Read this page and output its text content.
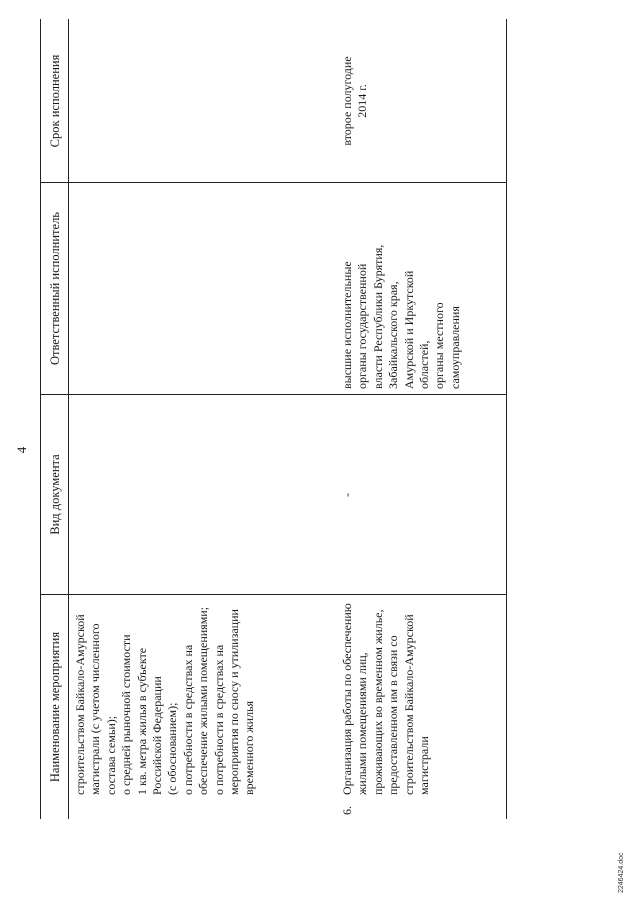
4
Наименование мероприятия
Вид документа
Ответственный исполнитель
Срок исполнения
строительством Байкало-Амурской магистрали (с учетом численного состава семьи); о средней рыночной стоимости 1 кв. метра жилья в субъекте Российской Федерации (с обоснованием); о потребности в средствах на обеспечение жилыми помещениями; о потребности в средствах на мероприятия по сносу и утилизации временного жилья
6.
Организация работы по обеспечению жилыми помещениями лиц, проживающих во временном жилье, предоставленном им в связи со строительством Байкало-Амурской магистрали
-
высшие исполнительные органы государственной власти Республики Бурятия, Забайкальского края, Амурской и Иркутской областей, органы местного самоуправления
второе полугодие 2014 г.
2246424.doc
